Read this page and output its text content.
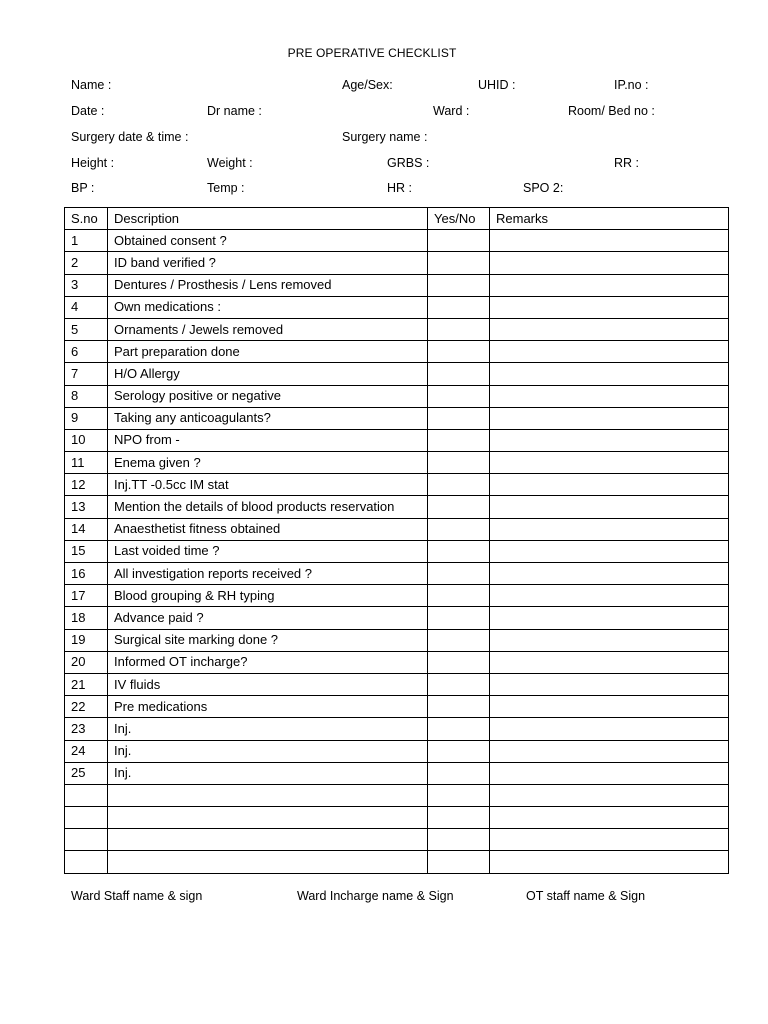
PRE OPERATIVE CHECKLIST
Name :	Age/Sex:	UHID :	IP.no :
Date :	Dr name :	Ward :	Room/ Bed no :
Surgery date & time :	Surgery name :
Height :	Weight :	GRBS :	RR :
BP :	Temp :	HR :	SPO 2:
S.no	Description	Yes/No	Remarks
1	Obtained consent ?		
2	ID band verified ?		
3	Dentures / Prosthesis / Lens removed		
4	Own medications :		
5	Ornaments / Jewels removed		
6	Part preparation done		
7	H/O Allergy		
8	Serology positive or negative		
9	Taking any anticoagulants?		
10	NPO from -		
11	Enema given ?		
12	Inj.TT -0.5cc IM stat		
13	Mention the details of blood products reservation		
14	Anaesthetist fitness obtained		
15	Last voided time ?		
16	All investigation reports received ?		
17	Blood grouping & RH typing		
18	Advance paid ?		
19	Surgical site marking done ?		
20	Informed OT incharge?		
21	IV fluids		
22	Pre medications		
23	Inj.		
24	Inj.		
25	Inj.		

Ward Staff name & sign	Ward Incharge name & Sign	OT staff name & Sign
